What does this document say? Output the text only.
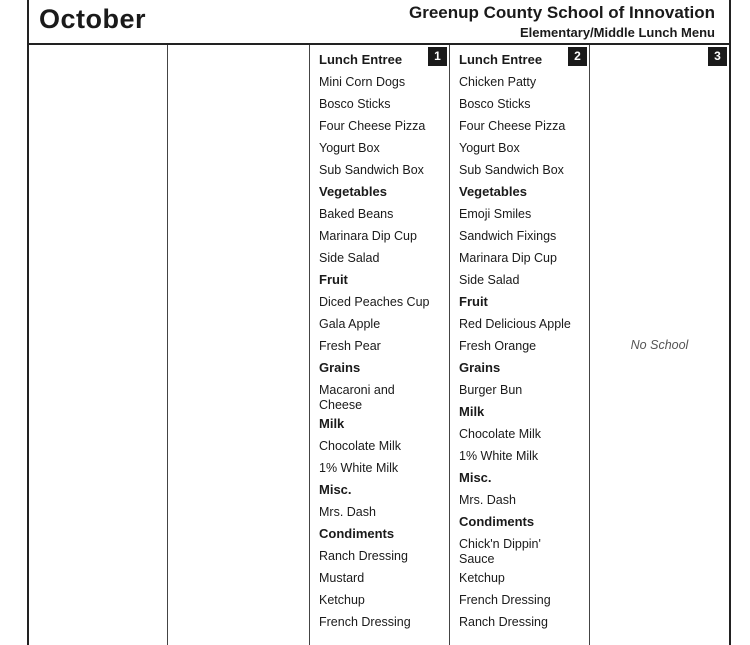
October	Greenup County School of Innovation
Elementary/Middle Lunch Menu
1
Lunch Entree
Mini Corn Dogs
Bosco Sticks
Four Cheese Pizza
Yogurt Box
Sub Sandwich Box
Vegetables
Baked Beans
Marinara Dip Cup
Side Salad
Fruit
Diced Peaches Cup
Gala Apple
Fresh Pear
Grains
Macaroni and Cheese
Milk
Chocolate Milk
1% White Milk
Misc.
Mrs. Dash
Condiments
Ranch Dressing
Mustard
Ketchup
French Dressing
2
Lunch Entree
Chicken Patty
Bosco Sticks
Four Cheese Pizza
Yogurt Box
Sub Sandwich Box
Vegetables
Emoji Smiles
Sandwich Fixings
Marinara Dip Cup
Side Salad
Fruit
Red Delicious Apple
Fresh Orange
Grains
Burger Bun
Milk
Chocolate Milk
1% White Milk
Misc.
Mrs. Dash
Condiments
Chick'n Dippin' Sauce
Ketchup
French Dressing
Ranch Dressing
3
No School
